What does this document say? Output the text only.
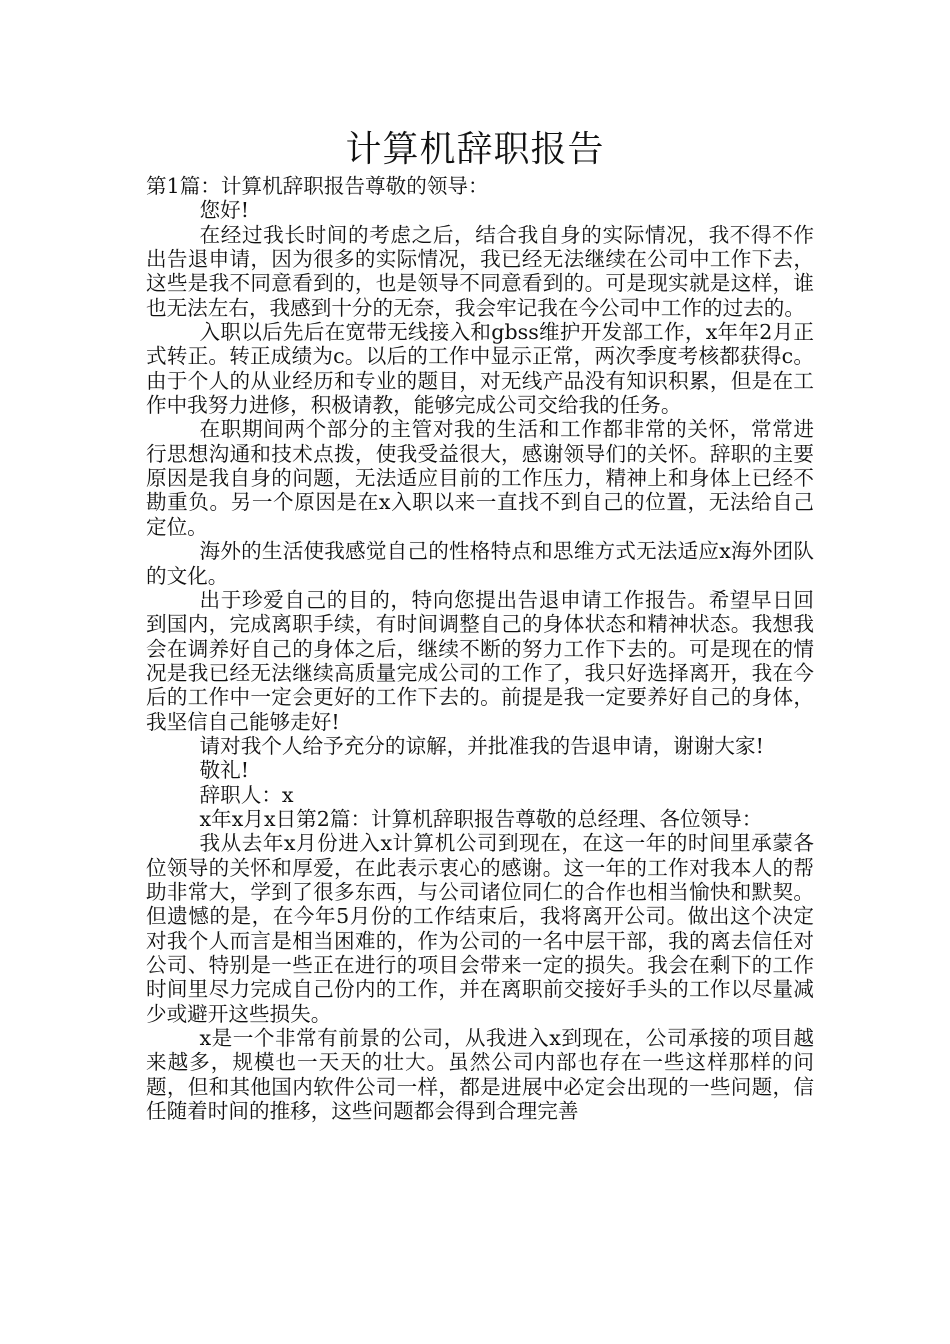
计算机辞职报告

第1篇：计算机辞职报告尊敬的领导：

您好!

在经过我长时间的考虑之后，结合我自身的实际情况，我不得不作出告退申请，因为很多的实际情况，我已经无法继续在公司中工作下去，这些是我不同意看到的，也是领导不同意看到的。可是现实就是这样，谁也无法左右，我感到十分的无奈，我会牢记我在今公司中工作的过去的。

入职以后先后在宽带无线接入和gbss维护开发部工作，x年年2月正式转正。转正成绩为c。以后的工作中显示正常，两次季度考核都获得c。由于个人的从业经历和专业的题目，对无线产品没有知识积累，但是在工作中我努力进修，积极请教，能够完成公司交给我的任务。

在职期间两个部分的主管对我的生活和工作都非常的关怀，常常进行思想沟通和技术点拨，使我受益很大，感谢领导们的关怀。辞职的主要原因是我自身的问题，无法适应目前的工作压力，精神上和身体上已经不勘重负。另一个原因是在x入职以来一直找不到自己的位置，无法给自己定位。

海外的生活使我感觉自己的性格特点和思维方式无法适应x海外团队的文化。

出于珍爱自己的目的，特向您提出告退申请工作报告。希望早日回到国内，完成离职手续，有时间调整自己的身体状态和精神状态。我想我会在调养好自己的身体之后，继续不断的努力工作下去的。可是现在的情况是我已经无法继续高质量完成公司的工作了，我只好选择离开，我在今后的工作中一定会更好的工作下去的。前提是我一定要养好自己的身体，我坚信自己能够走好!

请对我个人给予充分的谅解，并批准我的告退申请，谢谢大家!

敬礼!

辞职人：x

x年x月x日第2篇：计算机辞职报告尊敬的总经理、各位领导：

我从去年x月份进入x计算机公司到现在，在这一年的时间里承蒙各位领导的关怀和厚爱，在此表示衷心的感谢。这一年的工作对我本人的帮助非常大，学到了很多东西，与公司诸位同仁的合作也相当愉快和默契。但遗憾的是，在今年5月份的工作结束后，我将离开公司。做出这个决定对我个人而言是相当困难的，作为公司的一名中层干部，我的离去信任对公司、特别是一些正在进行的项目会带来一定的损失。我会在剩下的工作时间里尽力完成自己份内的工作，并在离职前交接好手头的工作以尽量减少或避开这些损失。

x是一个非常有前景的公司，从我进入x到现在，公司承接的项目越来越多，规模也一天天的壮大。虽然公司内部也存在一些这样那样的问题，但和其他国内软件公司一样，都是进展中必定会出现的一些问题，信任随着时间的推移，这些问题都会得到合理完善
